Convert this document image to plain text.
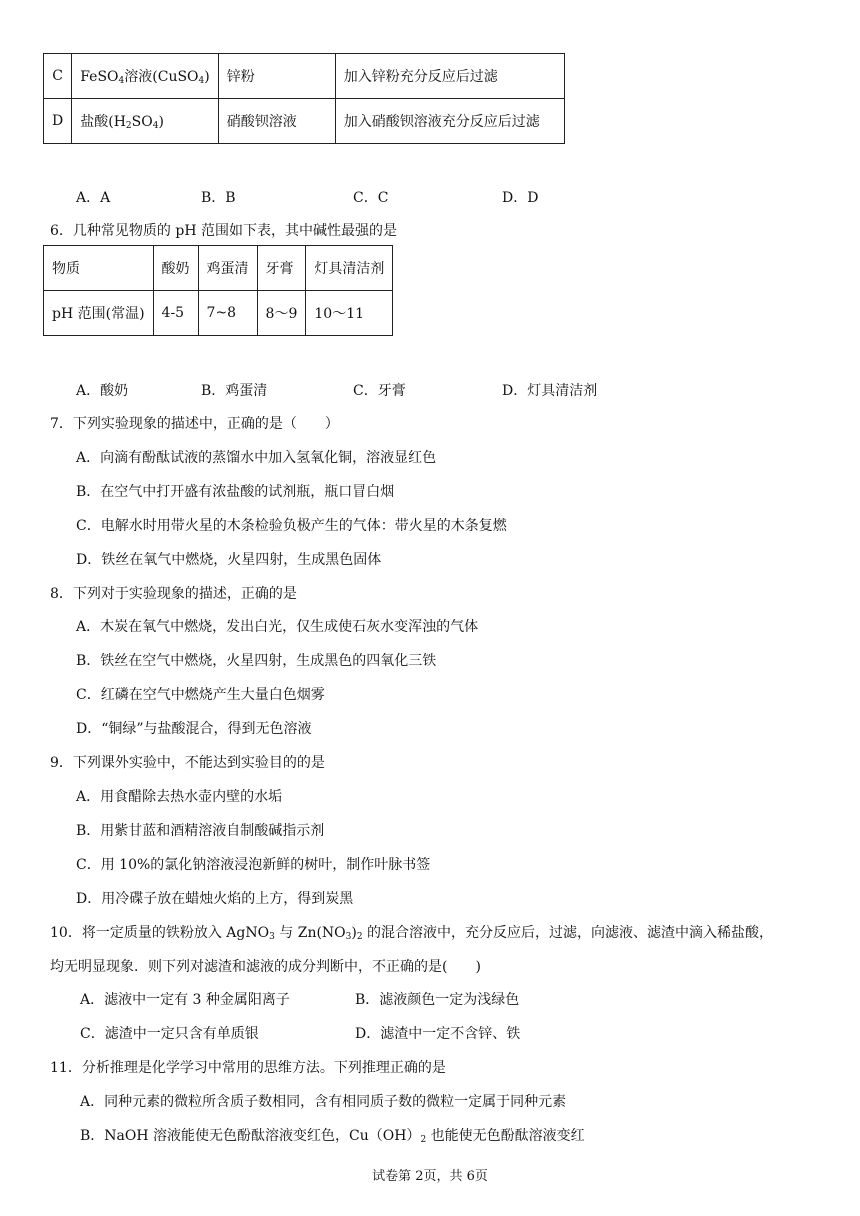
C	FeSO$_4$溶液(CuSO$_4$)	锌粉	加入锌粉充分反应后过滤
D	盐酸$(H_2SO_4)$	硝酸钡溶液	加入硝酸钡溶液充分反应后过滤
A．A	B．B	C．C	D．D
6．几种常见物质的 pH 范围如下表，其中碱性最强的是
物质	酸奶	鸡蛋清	牙膏	灯具清洁剂
pH 范围(常温)	4-5	7~8	8～9	10～11
A．酸奶	B．鸡蛋清	C．牙膏	D．灯具清洁剂
7．下列实验现象的描述中，正确的是（　　）
A．向滴有酚酞试液的蒸馏水中加入氢氧化铜，溶液显红色
B．在空气中打开盛有浓盐酸的试剂瓶，瓶口冒白烟
C．电解水时用带火星的木条检验负极产生的气体：带火星的木条复燃
D．铁丝在氧气中燃烧，火星四射，生成黑色固体
8．下列对于实验现象的描述，正确的是
A．木炭在氧气中燃烧，发出白光，仅生成使石灰水变浑浊的气体
B．铁丝在空气中燃烧，火星四射，生成黑色的四氧化三铁
C．红磷在空气中燃烧产生大量白色烟雾
D．“铜绿”与盐酸混合，得到无色溶液
9．下列课外实验中，不能达到实验目的的是
A．用食醋除去热水壶内壁的水垢
B．用紫甘蓝和酒精溶液自制酸碱指示剂
C．用 10%的氯化钠溶液浸泡新鲜的树叶，制作叶脉书签
D．用冷碟子放在蜡烛火焰的上方，得到炭黑
10．将一定质量的铁粉放入 AgNO$_3$ 与 $Zn(NO_3)_2$ 的混合溶液中，充分反应后，过滤，向滤液、滤渣中滴入稀盐酸，
均无明显现象．则下列对滤渣和滤液的成分判断中，不正确的是(　　)
A．滤液中一定有 3 种金属阳离子	B．滤液颜色一定为浅绿色
C．滤渣中一定只含有单质银	D．滤渣中一定不含锌、铁
11．分析推理是化学学习中常用的思维方法。下列推理正确的是
A．同种元素的微粒所含质子数相同，含有相同质子数的微粒一定属于同种元素
B．NaOH 溶液能使无色酚酞溶液变红色，$Cu(OH)_2$ 也能使无色酚酞溶液变红
试卷第 2页，共 6页
